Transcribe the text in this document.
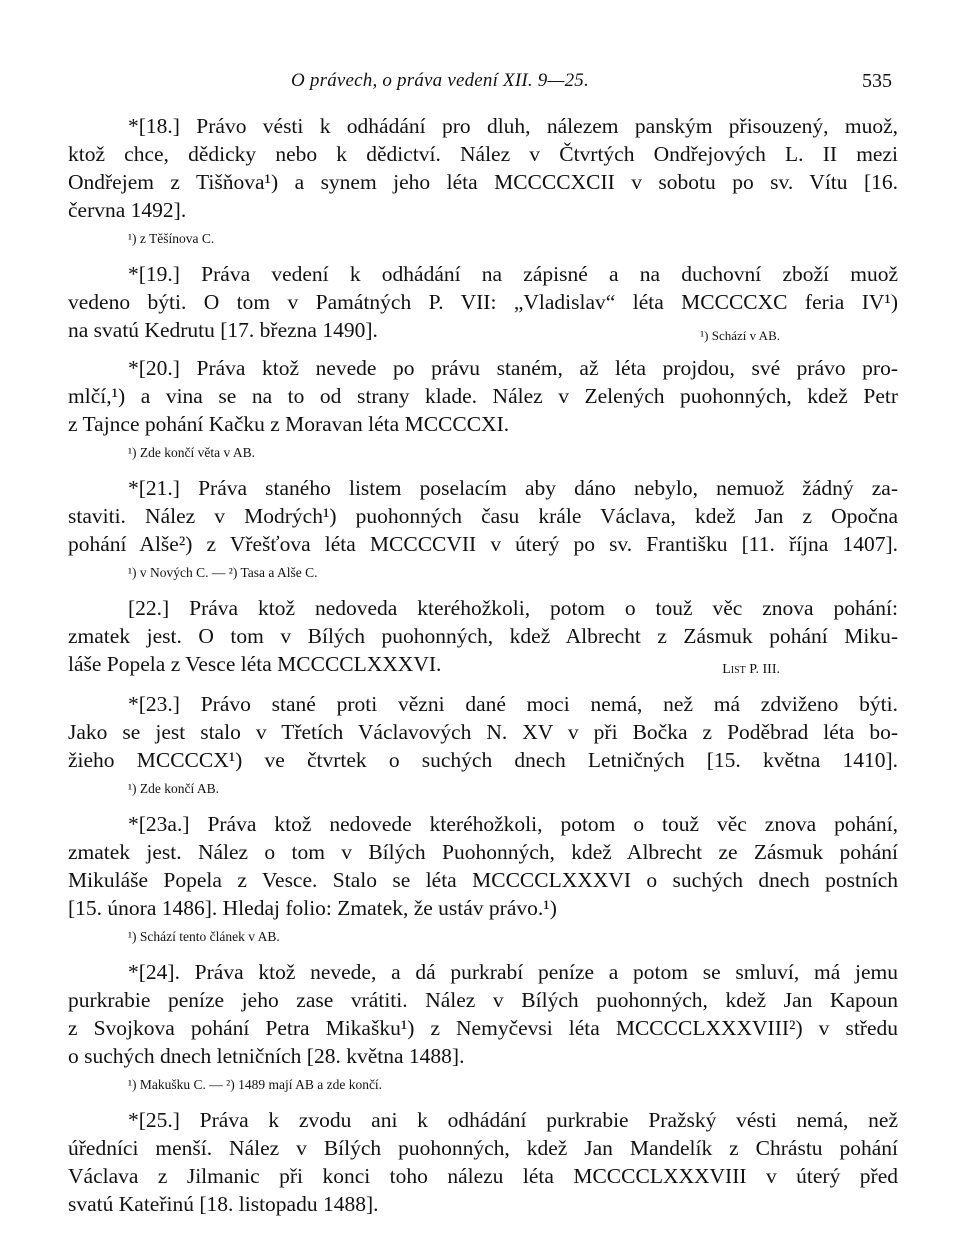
O právech, o práva vedení XII. 9—25.	535
*[18.] Právo vésti k odhádání pro dluh, nálezem panským přisouzený, muož,
ktož chce, dědicky nebo k dědictví. Nález v Čtvrtých Ondřejových L. II mezi
Ondřejem z Tišňova¹) a synem jeho léta MCCCCXCII v sobotu po sv. Vítu [16.
června 1492].
¹) z Těšínova C.
*[19.] Práva vedení k odhádání na zápisné a na duchovní zboží muož
vedeno býti. O tom v Památných P. VII: „Vladislav“ léta MCCCCXC feria IV¹)
na svatú Kedrutu [17. března 1490].	¹) Schází v AB.
*[20.] Práva ktož nevede po právu staném, až léta projdou, své právo pro-
mlčí,¹) a vina se na to od strany klade. Nález v Zelených puohonných, kdež Petr
z Tajnce pohání Kačku z Moravan léta MCCCCXI.
¹) Zde končí věta v AB.
*[21.] Práva staného listem poselacím aby dáno nebylo, nemuož žádný za-
staviti. Nález v Modrých¹) puohonných času krále Václava, kdež Jan z Opočna
pohání Alše²) z Vřešťova léta MCCCCVII v úterý po sv. Františku [11. října 1407].
¹) v Nových C. — ²) Tasa a Alše C.
[22.] Práva ktož nedoveda kteréhožkoli, potom o touž věc znova pohání:
zmatek jest. O tom v Bílých puohonných, kdež Albrecht z Zásmuk pohání Miku-
láše Popela z Vesce léta MCCCCLXXXVI.	List P. III.
*[23.] Právo stané proti vězni dané moci nemá, než má zdviženo býti.
Jako se jest stalo v Třetích Václavových N. XV v při Bočka z Poděbrad léta bo-
žieho MCCCCX¹) ve čtvrtek o suchých dnech Letničných [15. května 1410].
¹) Zde končí AB.
*[23a.] Práva ktož nedovede kteréhožkoli, potom o touž věc znova pohání,
zmatek jest. Nález o tom v Bílých Puohonných, kdež Albrecht ze Zásmuk pohání
Mikuláše Popela z Vesce. Stalo se léta MCCCCLXXXVI o suchých dnech postních
[15. února 1486]. Hledaj folio: Zmatek, že ustáv právo.¹)
¹) Schází tento článek v AB.
*[24]. Práva ktož nevede, a dá purkrabí peníze a potom se smluví, má jemu
purkrabie peníze jeho zase vrátiti. Nález v Bílých puohonných, kdež Jan Kapoun
z Svojkova pohání Petra Mikašku¹) z Nemyčevsi léta MCCCCLXXXVIII²) v středu
o suchých dnech letničních [28. května 1488].
¹) Makušku C. — ²) 1489 mají AB a zde končí.
*[25.] Práva k zvodu ani k odhádání purkrabie Pražský vésti nemá, než
úředníci menší. Nález v Bílých puohonných, kdež Jan Mandelík z Chrástu pohání
Václava z Jilmanic při konci toho nálezu léta MCCCCLXXXVIII v úterý před
svatú Kateřinú [18. listopadu 1488].
